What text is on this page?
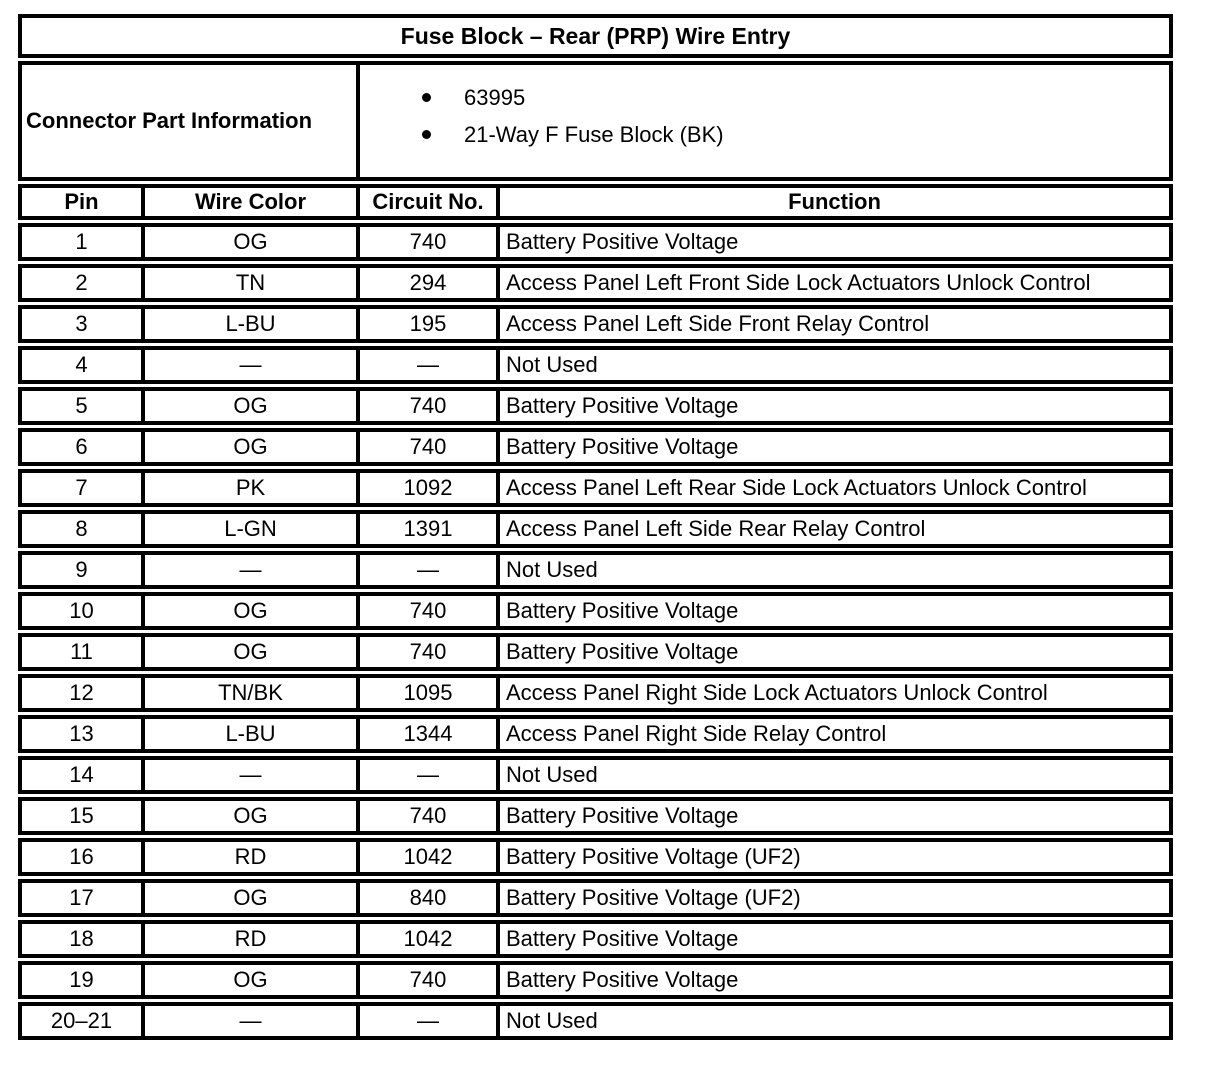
Fuse Block – Rear (PRP) Wire Entry
Connector Part Information
63995
21-Way F Fuse Block (BK)
Pin	Wire Color	Circuit No.	Function
1	OG	740	Battery Positive Voltage
2	TN	294	Access Panel Left Front Side Lock Actuators Unlock Control
3	L-BU	195	Access Panel Left Side Front Relay Control
4	—	—	Not Used
5	OG	740	Battery Positive Voltage
6	OG	740	Battery Positive Voltage
7	PK	1092	Access Panel Left Rear Side Lock Actuators Unlock Control
8	L-GN	1391	Access Panel Left Side Rear Relay Control
9	—	—	Not Used
10	OG	740	Battery Positive Voltage
11	OG	740	Battery Positive Voltage
12	TN/BK	1095	Access Panel Right Side Lock Actuators Unlock Control
13	L-BU	1344	Access Panel Right Side Relay Control
14	—	—	Not Used
15	OG	740	Battery Positive Voltage
16	RD	1042	Battery Positive Voltage (UF2)
17	OG	840	Battery Positive Voltage (UF2)
18	RD	1042	Battery Positive Voltage
19	OG	740	Battery Positive Voltage
20–21	—	—	Not Used
